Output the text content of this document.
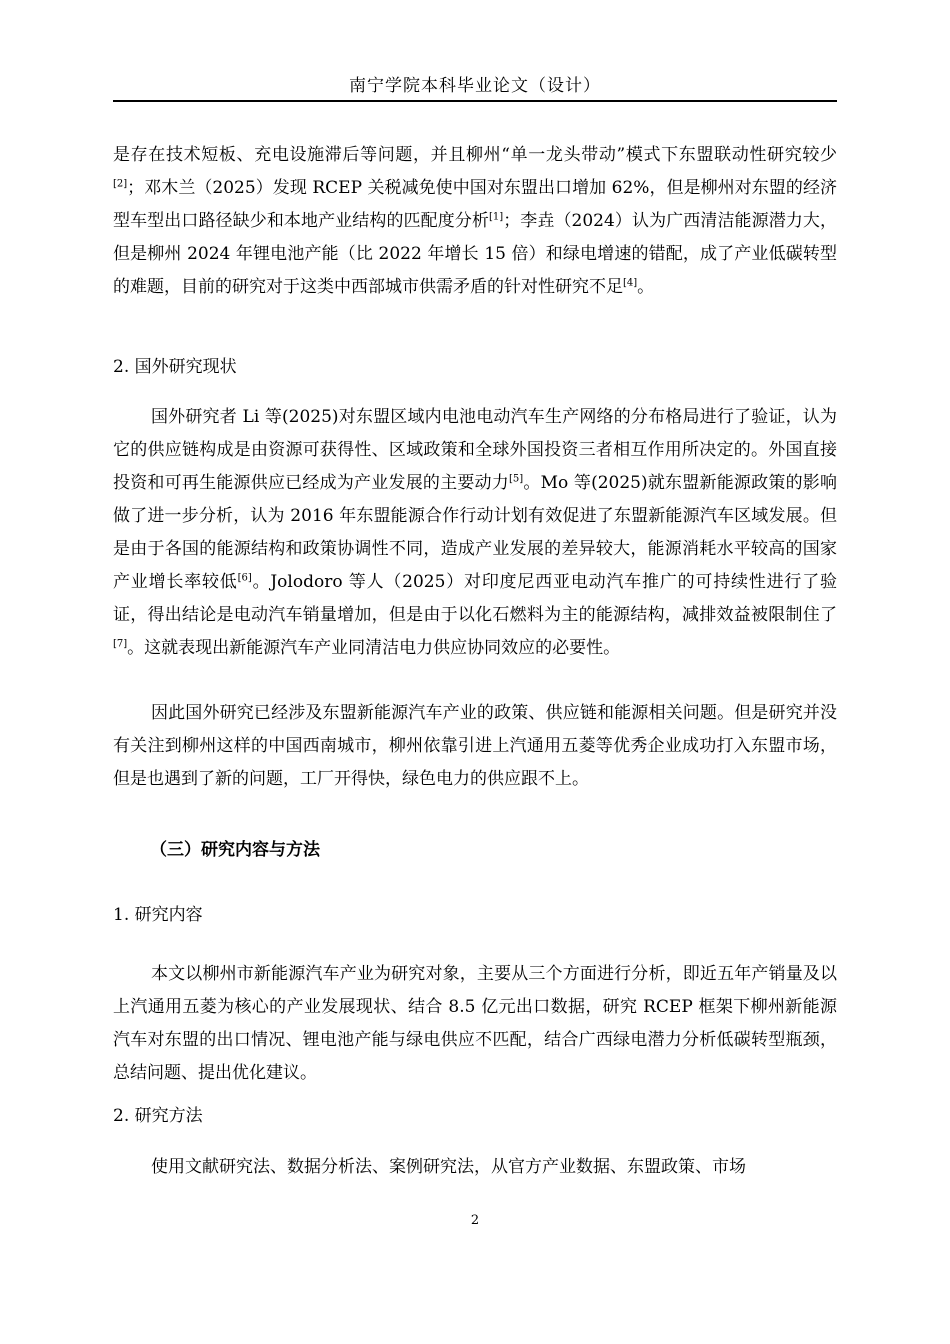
南宁学院本科毕业论文（设计）

是存在技术短板、充电设施滞后等问题，并且柳州“单一龙头带动”模式下东盟联动性研究较少[2]；邓木兰（2025）发现 RCEP 关税减免使中国对东盟出口增加 62%，但是柳州对东盟的经济型车型出口路径缺少和本地产业结构的匹配度分析[1]；李垚（2024）认为广西清洁能源潜力大，但是柳州 2024 年锂电池产能（比 2022 年增长 15 倍）和绿电增速的错配，成了产业低碳转型的难题，目前的研究对于这类中西部城市供需矛盾的针对性研究不足[4]。

2. 国外研究现状

国外研究者 Li 等(2025)对东盟区域内电池电动汽车生产网络的分布格局进行了验证，认为它的供应链构成是由资源可获得性、区域政策和全球外国投资三者相互作用所决定的。外国直接投资和可再生能源供应已经成为产业发展的主要动力[5]。Mo 等(2025)就东盟新能源政策的影响做了进一步分析，认为 2016 年东盟能源合作行动计划有效促进了东盟新能源汽车区域发展。但是由于各国的能源结构和政策协调性不同，造成产业发展的差异较大，能源消耗水平较高的国家产业增长率较低[6]。Jolodoro 等人（2025）对印度尼西亚电动汽车推广的可持续性进行了验证，得出结论是电动汽车销量增加，但是由于以化石燃料为主的能源结构，减排效益被限制住了[7]。这就表现出新能源汽车产业同清洁电力供应协同效应的必要性。

因此国外研究已经涉及东盟新能源汽车产业的政策、供应链和能源相关问题。但是研究并没有关注到柳州这样的中国西南城市，柳州依靠引进上汽通用五菱等优秀企业成功打入东盟市场，但是也遇到了新的问题，工厂开得快，绿色电力的供应跟不上。

（三）研究内容与方法

1. 研究内容

本文以柳州市新能源汽车产业为研究对象，主要从三个方面进行分析，即近五年产销量及以上汽通用五菱为核心的产业发展现状、结合 8.5 亿元出口数据，研究 RCEP 框架下柳州新能源汽车对东盟的出口情况、锂电池产能与绿电供应不匹配，结合广西绿电潜力分析低碳转型瓶颈，总结问题、提出优化建议。

2. 研究方法

使用文献研究法、数据分析法、案例研究法，从官方产业数据、东盟政策、市场

2
